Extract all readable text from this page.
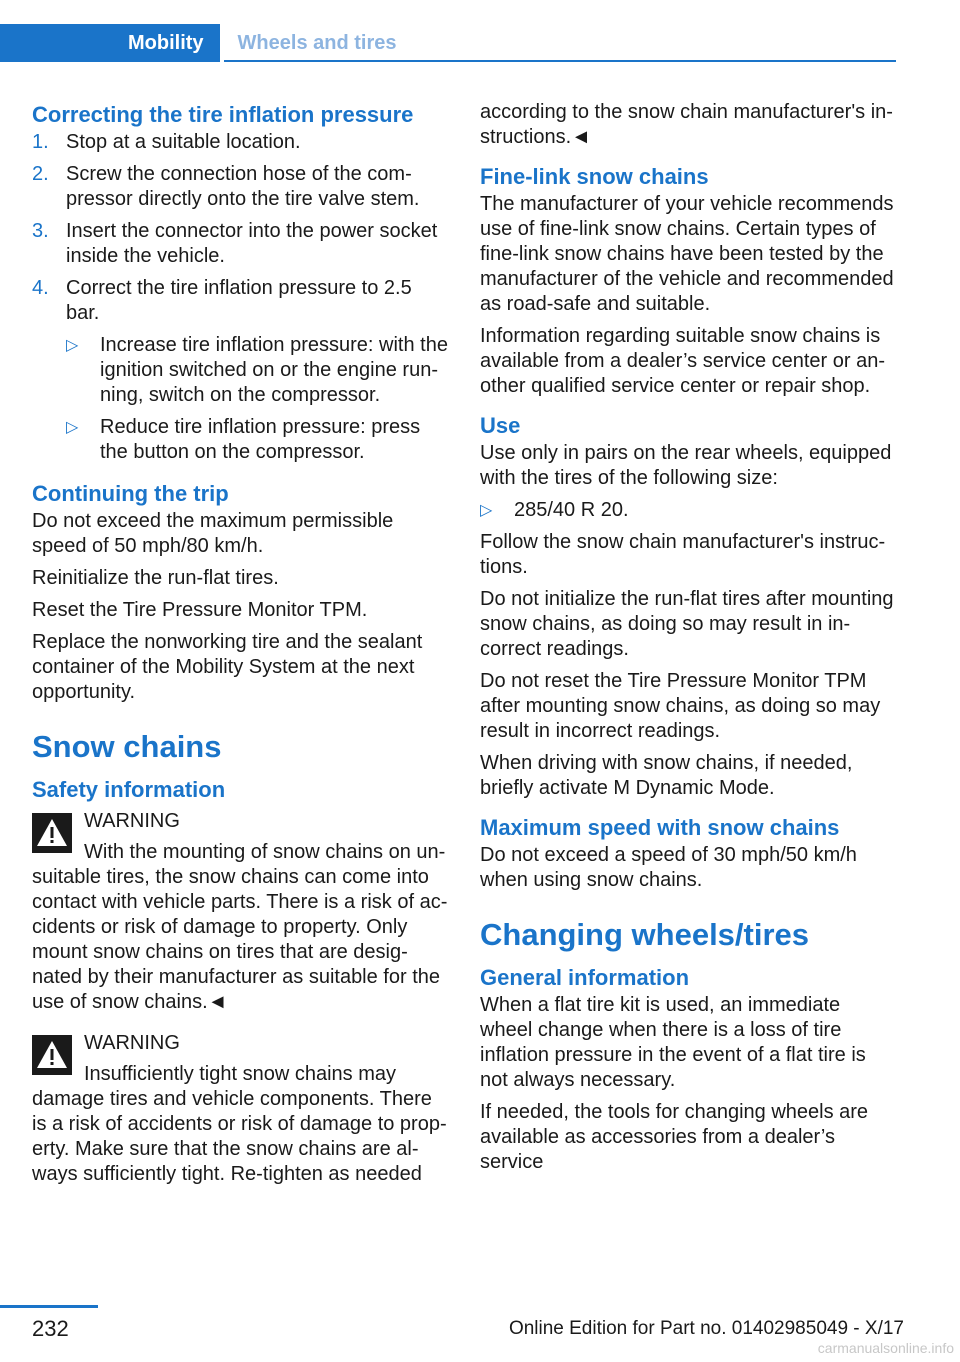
Mobility	Wheels and tires
Correcting the tire inflation pressure
1. Stop at a suitable location.
2. Screw the connection hose of the compressor directly onto the tire valve stem.
3. Insert the connector into the power socket inside the vehicle.
4. Correct the tire inflation pressure to 2.5 bar.
▷ Increase tire inflation pressure: with the ignition switched on or the engine running, switch on the compressor.
▷ Reduce tire inflation pressure: press the button on the compressor.
Continuing the trip

Do not exceed the maximum permissible speed of 50 mph/80 km/h.

Reinitialize the run-flat tires.

Reset the Tire Pressure Monitor TPM.

Replace the nonworking tire and the sealant container of the Mobility System at the next opportunity.

Snow chains
Safety information
WARNING
With the mounting of snow chains on unsuitable tires, the snow chains can come into contact with vehicle parts. There is a risk of accidents or risk of damage to property. Only mount snow chains on tires that are designated by their manufacturer as suitable for the use of snow chains.◄
WARNING
Insufficiently tight snow chains may damage tires and vehicle components. There is a risk of accidents or risk of damage to property. Make sure that the snow chains are always sufficiently tight. Re-tighten as needed

according to the snow chain manufacturer's instructions.◄

Fine-link snow chains

The manufacturer of your vehicle recommends use of fine-link snow chains. Certain types of fine-link snow chains have been tested by the manufacturer of the vehicle and recommended as road-safe and suitable.

Information regarding suitable snow chains is available from a dealer’s service center or another qualified service center or repair shop.

Use

Use only in pairs on the rear wheels, equipped with the tires of the following size:

▷ 285/40 R 20.

Follow the snow chain manufacturer's instructions.

Do not initialize the run-flat tires after mounting snow chains, as doing so may result in incorrect readings.

Do not reset the Tire Pressure Monitor TPM after mounting snow chains, as doing so may result in incorrect readings.

When driving with snow chains, if needed, briefly activate M Dynamic Mode.

Maximum speed with snow chains

Do not exceed a speed of 30 mph/50 km/h when using snow chains.

Changing wheels/tires
General information

When a flat tire kit is used, an immediate wheel change when there is a loss of tire inflation pressure in the event of a flat tire is not always necessary.

If needed, the tools for changing wheels are available as accessories from a dealer’s service

232	Online Edition for Part no. 01402985049 - X/17
carmanualsonline.info
